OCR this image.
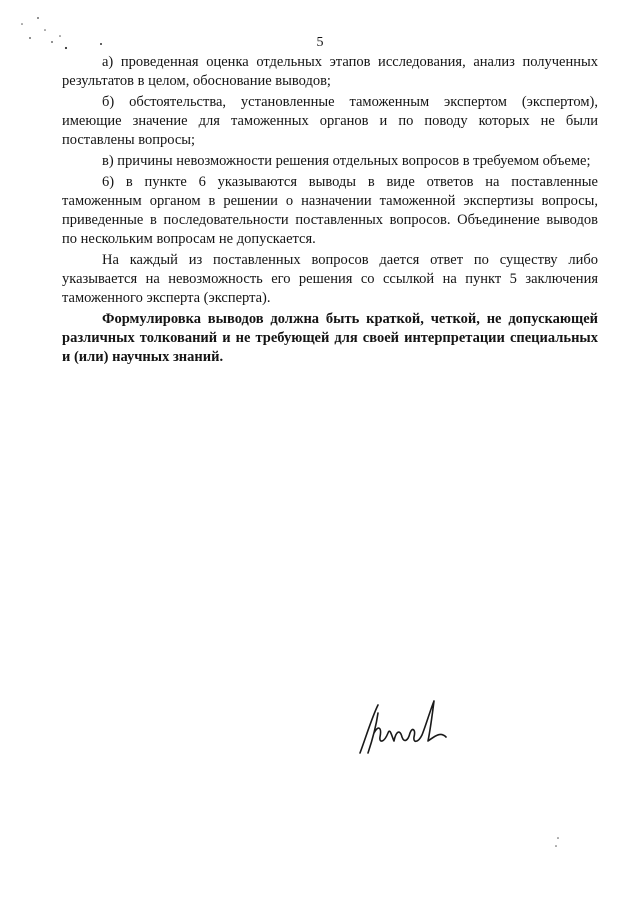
5

а) проведенная оценка отдельных этапов исследования, анализ полученных результатов в целом, обоснование выводов;

б) обстоятельства, установленные таможенным экспертом (экспертом), имеющие значение для таможенных органов и по поводу которых не были поставлены вопросы;

в) причины невозможности решения отдельных вопросов в требуемом объеме;

6) в пункте 6 указываются выводы в виде ответов на поставленные таможенным органом в решении о назначении таможенной экспертизы вопросы, приведенные в последовательности поставленных вопросов. Объединение выводов по нескольким вопросам не допускается.

На каждый из поставленных вопросов дается ответ по существу либо указывается на невозможность его решения со ссылкой на пункт 5 заключения таможенного эксперта (эксперта).

Формулировка выводов должна быть краткой, четкой, не допускающей различных толкований и не требующей для своей интерпретации специальных и (или) научных знаний.
